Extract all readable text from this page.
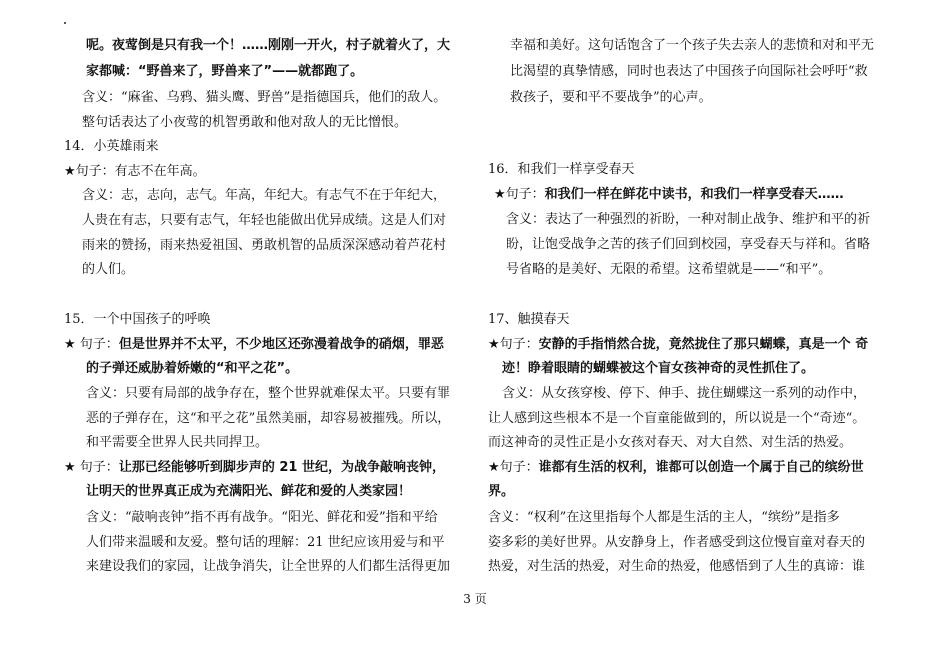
呢。夜莺倒是只有我一个！……刚刚一开火，村子就着火了，大
家都喊：“野兽来了，野兽来了”——就都跑了。
含义：“麻雀、乌鸦、猫头鹰、野兽”是指德国兵，他们的敌人。
整句话表达了小夜莺的机智勇敢和他对敌人的无比憎恨。
14．小英雄雨来
★句子：有志不在年高。
含义：志，志向，志气。年高，年纪大。有志气不在于年纪大，
人贵在有志，只要有志气，年轻也能做出优异成绩。这是人们对
雨来的赞扬，雨来热爱祖国、勇敢机智的品质深深感动着芦花村
的人们。
15．一个中国孩子的呼唤
★ 句子：但是世界并不太平，不少地区还弥漫着战争的硝烟，罪恶
的子弹还威胁着娇嫩的“和平之花”。
含义：只要有局部的战争存在，整个世界就难保太平。只要有罪
恶的子弹存在，这“和平之花”虽然美丽，却容易被摧残。所以，
和平需要全世界人民共同捍卫。
★ 句子：让那已经能够听到脚步声的 21 世纪，为战争敲响丧钟，
让明天的世界真正成为充满阳光、鲜花和爱的人类家园！
含义：“敲响丧钟”指不再有战争。“阳光、鲜花和爱”指和平给
人们带来温暖和友爱。整句话的理解：21 世纪应该用爱与和平
来建设我们的家园，让战争消失，让全世界的人们都生活得更加
幸福和美好。这句话饱含了一个孩子失去亲人的悲愤和对和平无
比渴望的真挚情感，同时也表达了中国孩子向国际社会呼吁“救
救孩子，要和平不要战争”的心声。
16．和我们一样享受春天
★句子：和我们一样在鲜花中读书，和我们一样享受春天……
含义：表达了一种强烈的祈盼，一种对制止战争、维护和平的祈
盼，让饱受战争之苦的孩子们回到校园，享受春天与祥和。省略
号省略的是美好、无限的希望。这希望就是——“和平”。
17、触摸春天
★句子：安静的手指悄然合拢，竟然拢住了那只蝴蝶，真是一个 奇
迹！睁着眼睛的蝴蝶被这个盲女孩神奇的灵性抓住了。
含义：从女孩穿梭、停下、伸手、拢住蝴蝶这一系列的动作中，
让人感到这些根本不是一个盲童能做到的，所以说是一个“奇迹“。
而这神奇的灵性正是小女孩对春天、对大自然、对生活的热爱。
★句子：谁都有生活的权利，谁都可以创造一个属于自己的缤纷世
界。
含义：“权利”在这里指每个人都是生活的主人，“缤纷”是指多
姿多彩的美好世界。从安静身上，作者感受到这位慢盲童对春天的
热爱，对生活的热爱，对生命的热爱，他感悟到了人生的真谛：谁
3 页
